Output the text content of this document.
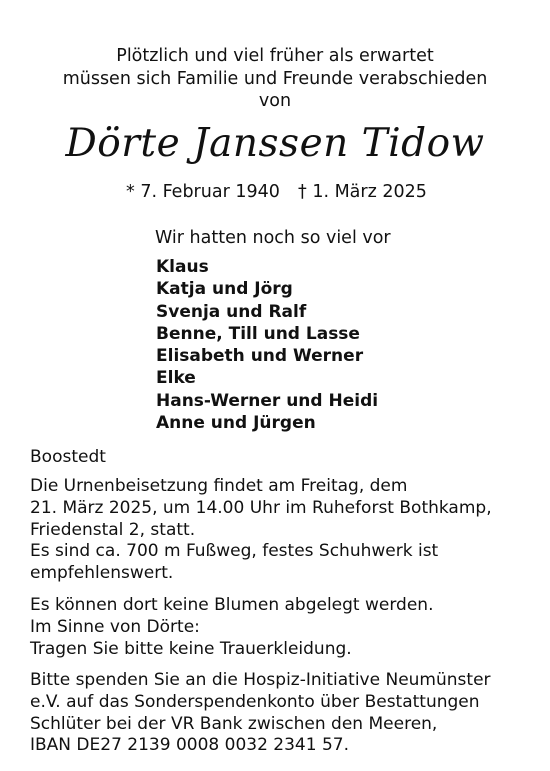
Plötzlich und viel früher als erwartet
müssen sich Familie und Freunde verabschieden
von
Dörte Janssen Tidow
* 7. Februar 1940 † 1. März 2025
Wir hatten noch so viel vor
Klaus
Katja und Jörg
Svenja und Ralf
Benne, Till und Lasse
Elisabeth und Werner
Elke
Hans-Werner und Heidi
Anne und Jürgen
Boostedt
Die Urnenbeisetzung findet am Freitag, dem
21. März 2025, um 14.00 Uhr im Ruheforst Bothkamp,
Friedenstal 2, statt.
Es sind ca. 700 m Fußweg, festes Schuhwerk ist
empfehlenswert.
Es können dort keine Blumen abgelegt werden.
Im Sinne von Dörte:
Tragen Sie bitte keine Trauerkleidung.
Bitte spenden Sie an die Hospiz-Initiative Neumünster
e.V. auf das Sonderspendenkonto über Bestattungen
Schlüter bei der VR Bank zwischen den Meeren,
IBAN DE27 2139 0008 0032 2341 57.
